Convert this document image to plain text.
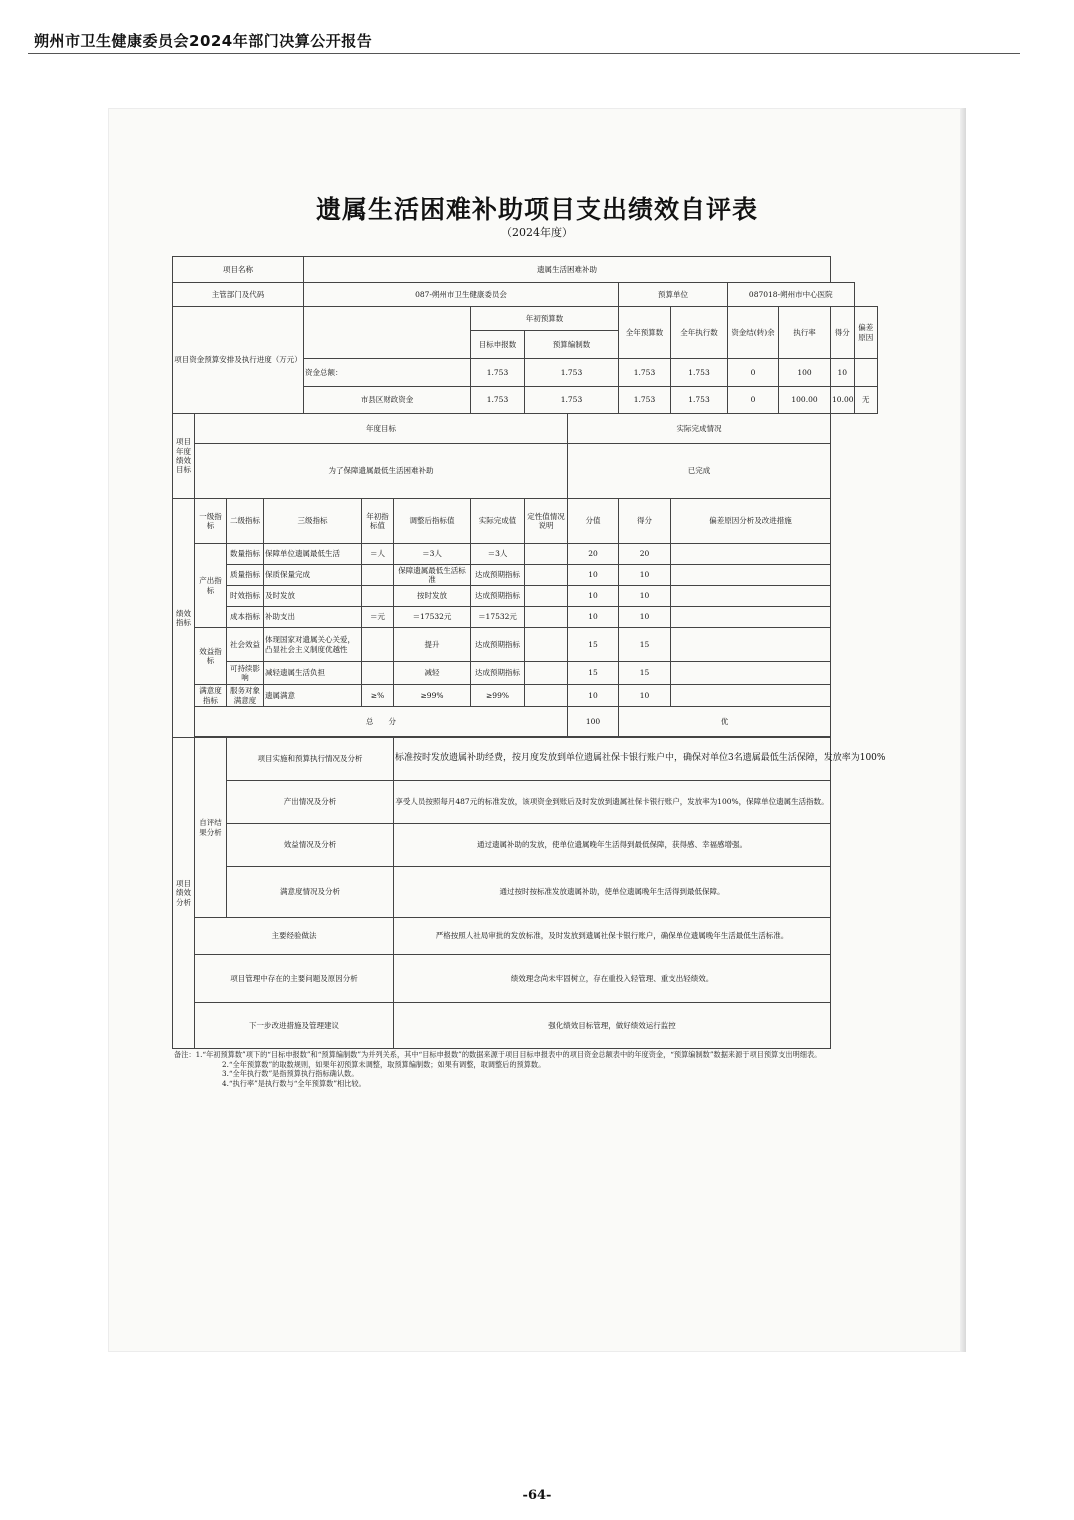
朔州市卫生健康委员会2024年部门决算公开报告
遗属生活困难补助项目支出绩效自评表
（2024年度）
项目名称				遗属生活困难补助											
主管部门及代码				087-朔州市卫生健康委员会						预算单位		087018-朔州市中心医院			
项目资金预算安排及执行进度（万元）							年初预算数			全年预算数	全年执行数	资金结(转)余	执行率	得分	偏差原因
							目标申报数	预算编制数							
				资金总额：			1.753	1.753		1.753	1.753	0	100	10	
				市县区财政资金			1.753	1.753		1.753	1.753	0	100.00	10.00	无
项目年度绩效目标	年度目标								实际完成情况						
	为了保障遗属最低生活困难补助								已完成						
绩效指标	一级指标	二级指标	三级指标		年初指标值	调整后指标值	实际完成值	定性值情况说明	分值	得分	偏差原因分析及改进措施				
	产出指标	数量指标	保障单位遗属最低生活		＝人	＝3人	＝3人		20	20					
		质量指标	保质保量完成			保障遗属最低生活标准	达成预期指标		10	10					
		时效指标	及时发放			按时发放	达成预期指标		10	10					
		成本指标	补助支出		＝元	＝17532元	＝17532元		10	10					
	效益指标	社会效益	体现国家对遗属关心关爱，凸显社会主义制度优越性			提升	达成预期指标		15	15					
		可持续影响	减轻遗属生活负担			减轻	达成预期指标		15	15					
	满意度指标	服务对象满意度	遗属满意		≥%	≥99%	≥99%		10	10					
	总　　分								100	优					

项目绩效分析	自评结果分析	项目实施和预算执行情况及分析				标准按时发放遗属补助经费，按月度发放到单位遗属社保卡银行账户中，确保对单位3名遗属最低生活保障，发放率为100%									
		产出情况及分析				享受人员按照每月487元的标准发放，该项资金到账后及时发放到遗属社保卡银行账户，发放率为100%，保障单位遗属生活指数。									
		效益情况及分析				通过遗属补助的发放，使单位遗属晚年生活得到最低保障，获得感、幸福感增强。									
		满意度情况及分析				通过按时按标准发放遗属补助，使单位遗属晚年生活得到最低保障。									
	主要经验做法					严格按照人社局审批的发放标准，及时发放到遗属社保卡银行账户，确保单位遗属晚年生活最低生活标准。									
	项目管理中存在的主要问题及原因分析					绩效理念尚未牢固树立，存在重投入轻管理、重支出轻绩效。									
	下一步改进措施及管理建议					强化绩效目标管理，做好绩效运行监控									
备注：1.“年初预算数”项下的“目标申报数”和“预算编制数”为并列关系，其中“目标申报数”的数据来源于项目目标申报表中的项目资金总额表中的年度资金，“预算编制数”数据来源于项目预算支出明细表。
2.“全年预算数”的取数规则，如果年初预算未调整，取预算编制数；如果有调整，取调整后的预算数。
3.“全年执行数”是指预算执行指标确认数。
4.“执行率”是执行数与“全年预算数”相比较。
-64-
